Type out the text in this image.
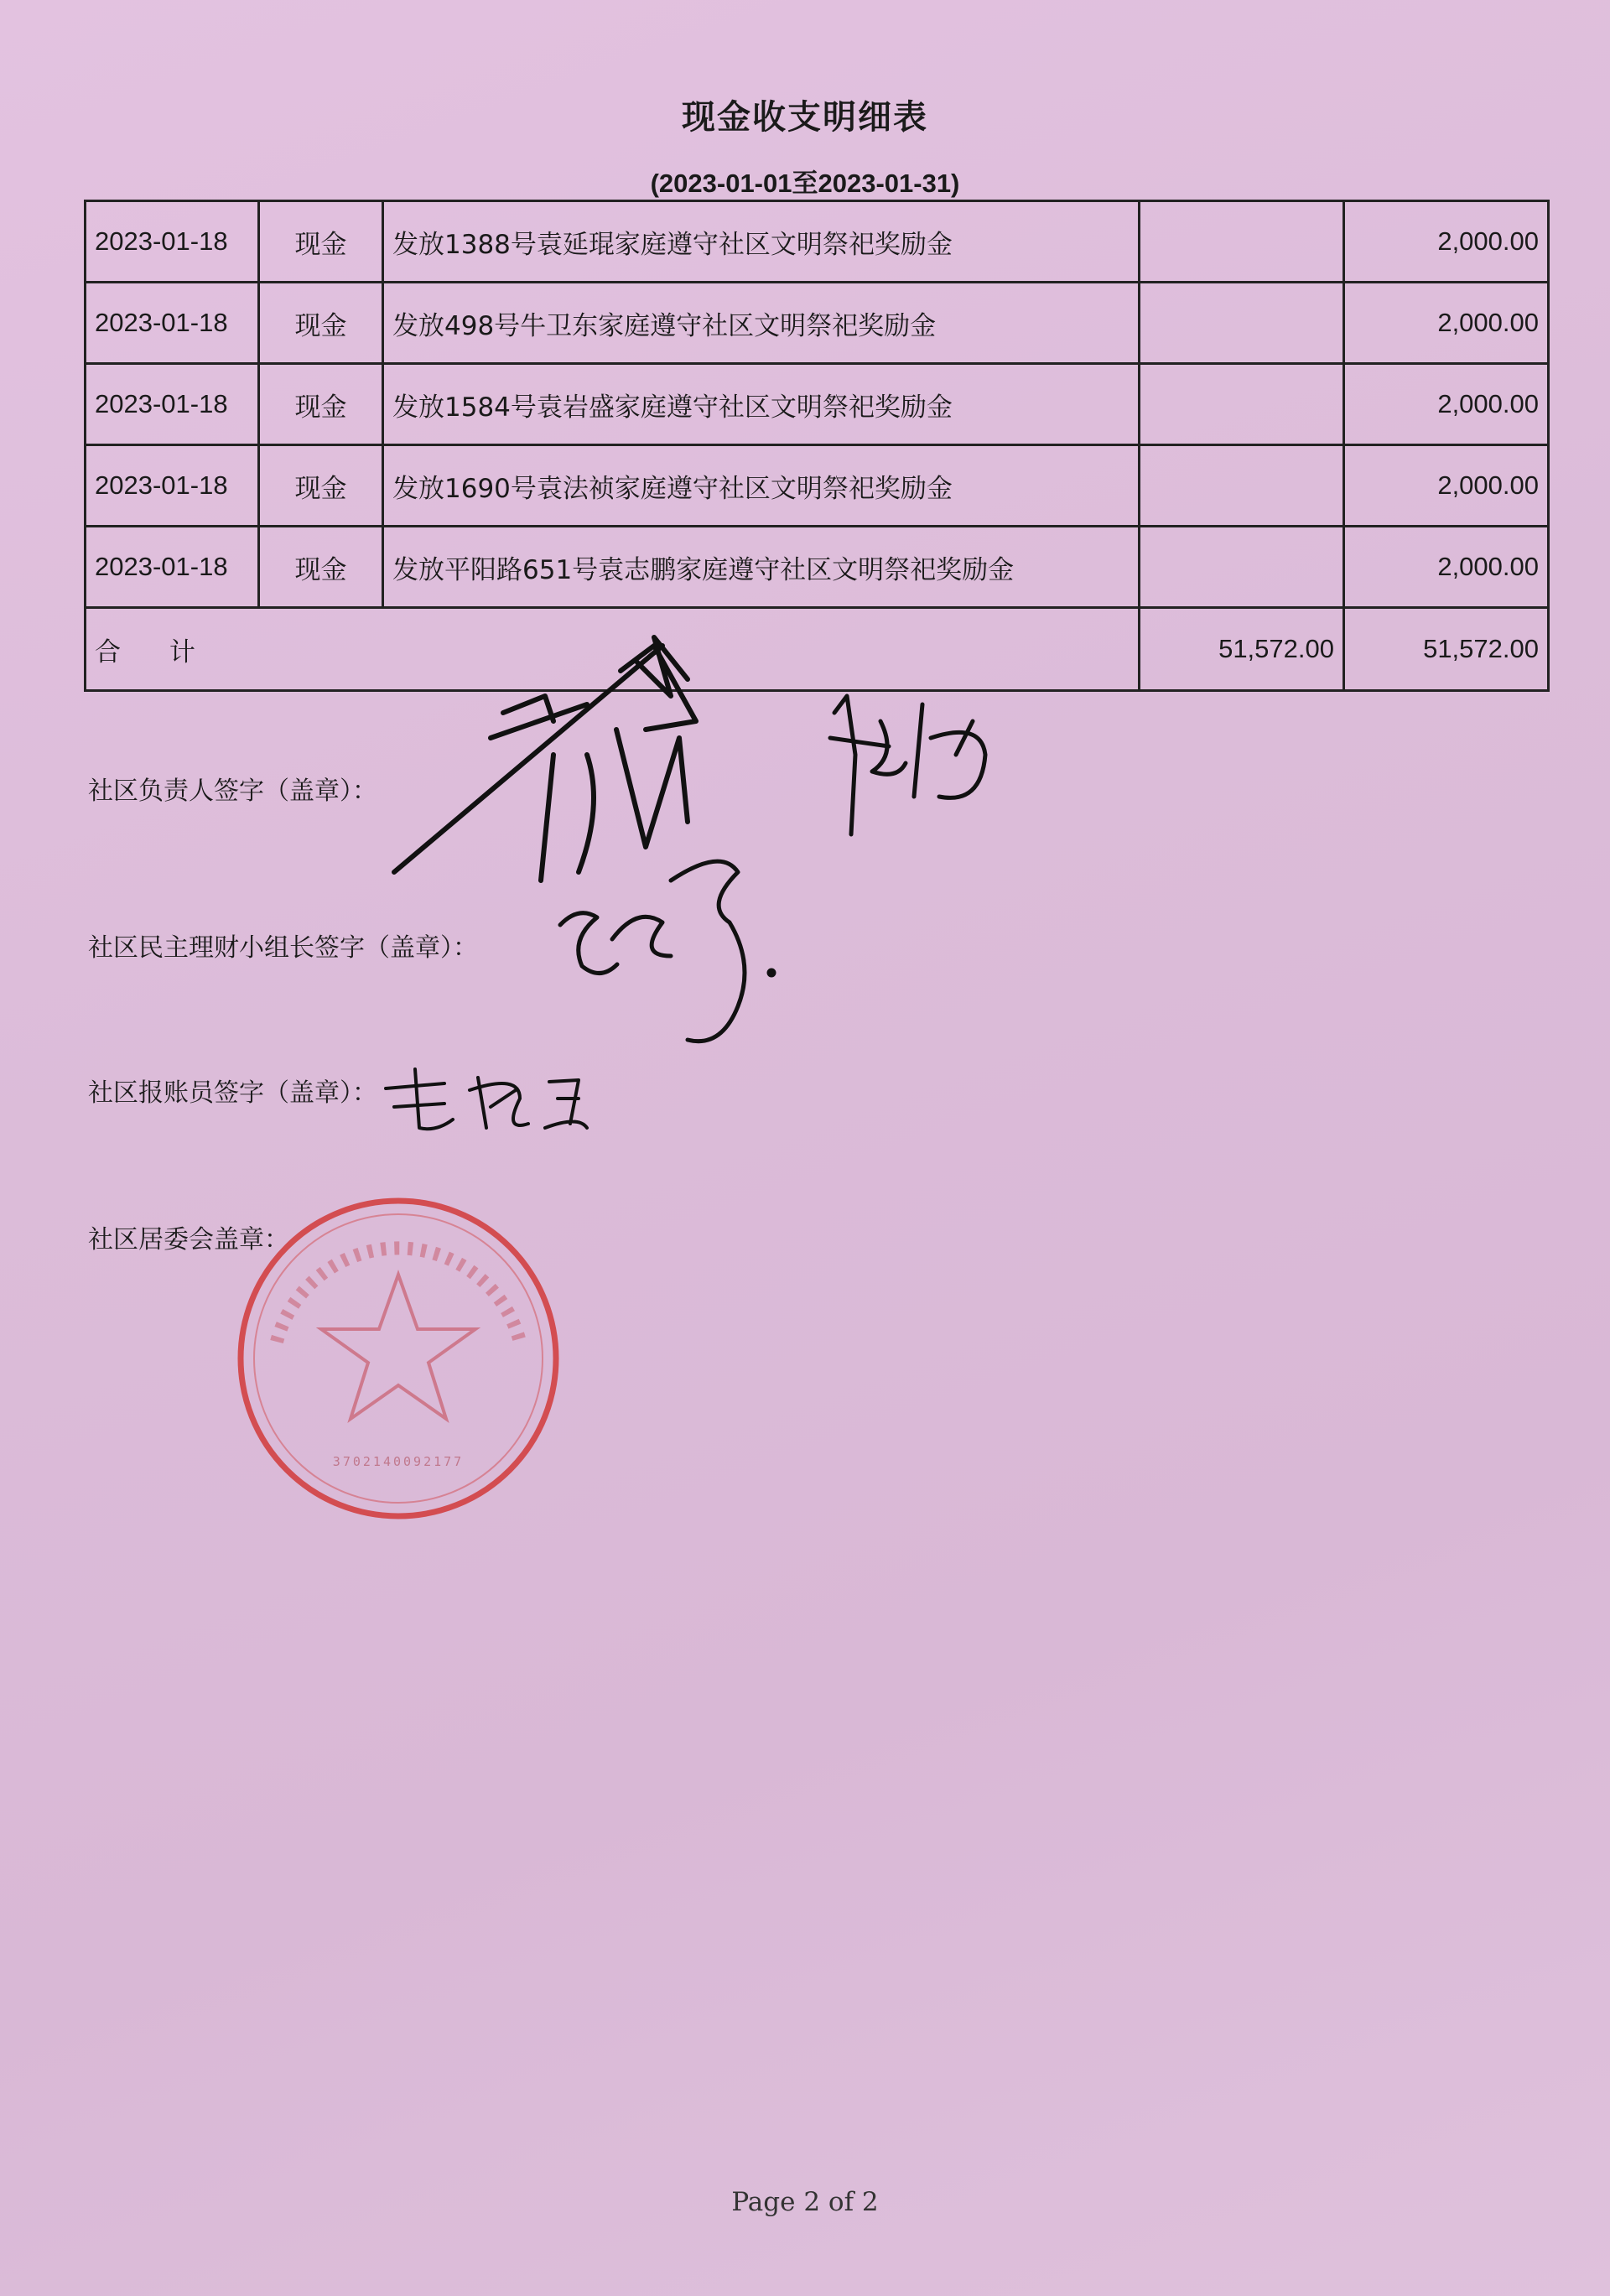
现金收支明细表
(2023-01-01至2023-01-31)
2023-01-18	现金	发放1388号袁延琨家庭遵守社区文明祭祀奖励金		2,000.00
2023-01-18	现金	发放498号牛卫东家庭遵守社区文明祭祀奖励金		2,000.00
2023-01-18	现金	发放1584号袁岩盛家庭遵守社区文明祭祀奖励金		2,000.00
2023-01-18	现金	发放1690号袁法祯家庭遵守社区文明祭祀奖励金		2,000.00
2023-01-18	现金	发放平阳路651号袁志鹏家庭遵守社区文明祭祀奖励金		2,000.00
合 计			51,572.00	51,572.00
社区负责人签字（盖章）：
社区民主理财小组长签字（盖章）：
社区报账员签字（盖章）：
社区居委会盖章：
3702140092177
Page 2 of 2
